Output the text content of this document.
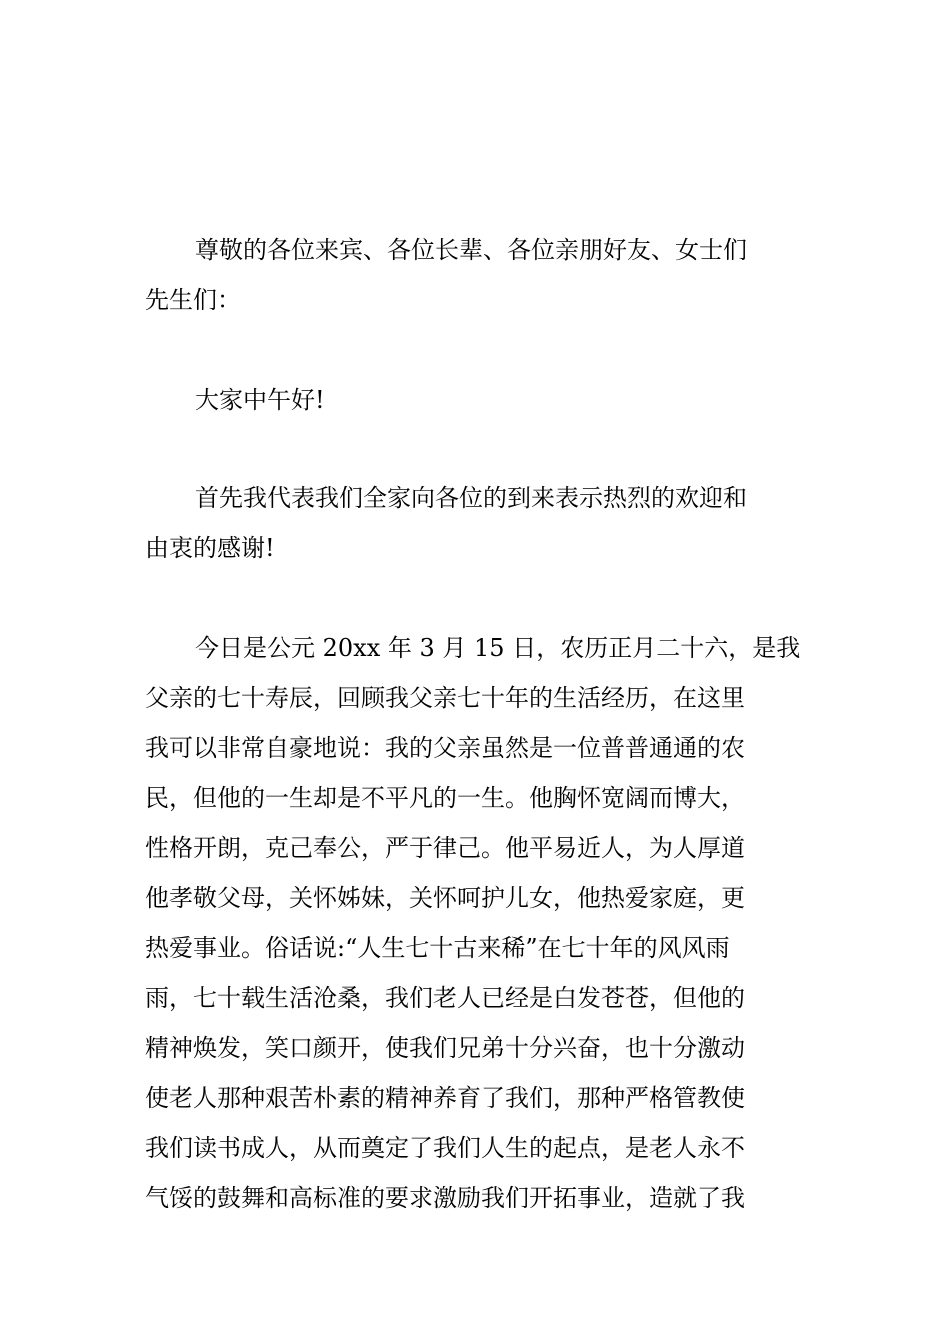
尊敬的各位来宾、各位长辈、各位亲朋好友、女士们
先生们：
大家中午好!
首先我代表我们全家向各位的到来表示热烈的欢迎和
由衷的感谢!
今日是公元 20xx 年 3 月 15 日，农历正月二十六，是我
父亲的七十寿辰，回顾我父亲七十年的生活经历，在这里
我可以非常自豪地说：我的父亲虽然是一位普普通通的农
民，但他的一生却是不平凡的一生。他胸怀宽阔而博大，
性格开朗，克己奉公，严于律己。他平易近人，为人厚道
他孝敬父母，关怀姊妹，关怀呵护儿女，他热爱家庭，更
热爱事业。俗话说:“人生七十古来稀”在七十年的风风雨
雨，七十载生活沧桑，我们老人已经是白发苍苍，但他的
精神焕发，笑口颜开，使我们兄弟十分兴奋，也十分激动
使老人那种艰苦朴素的精神养育了我们，那种严格管教使
我们读书成人，从而奠定了我们人生的起点，是老人永不
气馁的鼓舞和高标准的要求激励我们开拓事业，造就了我
